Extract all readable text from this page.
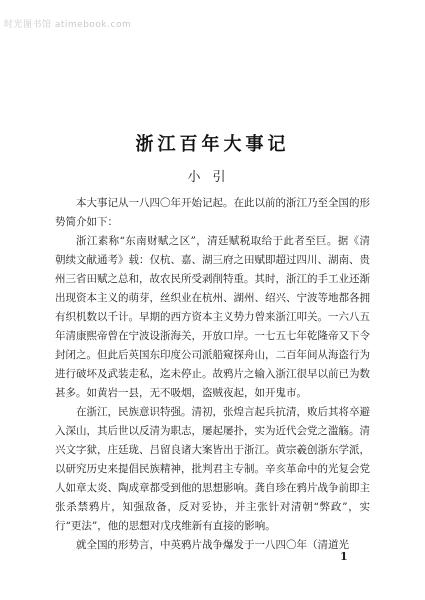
时光图书馆 atimebook.com
浙江百年大事记
小引

本大事记从一八四〇年开始记起。在此以前的浙江乃至全国的形势简介如下：

浙江素称“东南财赋之区”，清廷赋税取给于此者至巨。据《清朝续文献通考》载：仅杭、嘉、湖三府之田赋即超过四川、湖南、贵州三省田赋之总和，故农民所受剥削特重。其时，浙江的手工业还渐出现资本主义的萌芽，丝织业在杭州、湖州、绍兴、宁波等地都各拥有织机数以千计。早期的西方资本主义势力曾来浙江叩关。一六八五年清康熙帝曾在宁波设浙海关，开放口岸。一七五七年乾隆帝又下令封闭之。但此后英国东印度公司派船窥探舟山，二百年间从海盗行为进行破坏及武装走私，迄未停止。故鸦片之输入浙江很早以前已为数甚多。如黄岩一县，无不吸烟，盗贼夜起，如开鬼市。

在浙江，民族意识特强。清初，张煌言起兵抗清，败后其将卒避入深山，其后世以反清为职志，屡起屡扑，实为近代会党之滥觞。清兴文字狱，庄廷珑、吕留良诸大案皆出于浙江。黄宗羲创浙东学派，以研究历史来提倡民族精神，批判君主专制。辛亥革命中的光复会党人如章太炎、陶成章都受到他的思想影响。龚自珍在鸦片战争前即主张杀禁鸦片，知强敌备，反对妥协，并主张针对清朝“弊政”，实行“更法”，他的思想对戊戌维新有直接的影响。

就全国的形势言，中英鸦片战争爆发于一八四〇年（清道光

1
